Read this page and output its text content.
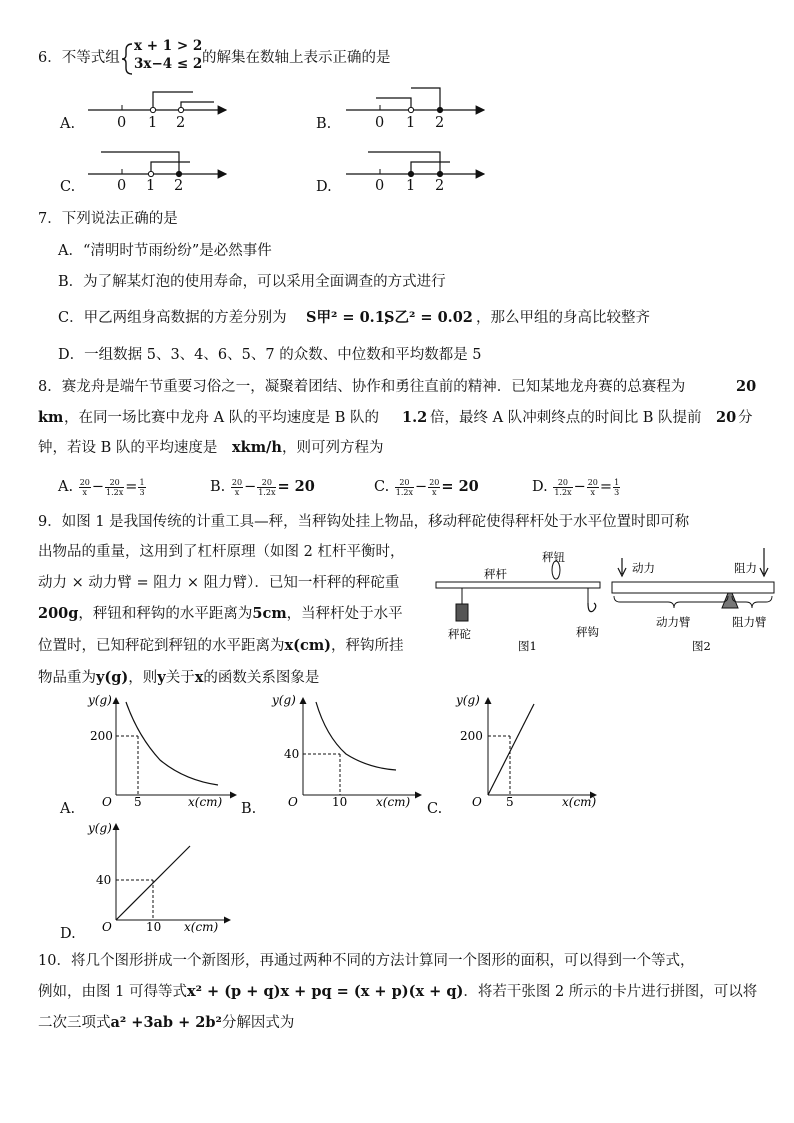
6．不等式组
x + 1 > 2
3x−4 ≤ 2 的解集在数轴上表示正确的是
A.	B.
C.	D.
0 1 2	0 1 2
0 1 2	0 1 2
7．下列说法正确的是
A．“清明时节雨纷纷”是必然事件
B．为了解某灯泡的使用寿命，可以采用全面调查的方式进行
C．甲乙两组身高数据的方差分别为 S甲² = 0.1,
S乙² = 0.02 ，那么甲组的身高比较整齐
D．一组数据 5、3、4、6、5、7 的众数、中位数和平均数都是 5
8．赛龙舟是端午节重要习俗之一，凝聚着团结、协作和勇往直前的精神．已知某地龙舟赛的总赛程为	20
km ，在同一场比赛中龙舟 A 队的平均速度是 B 队的 1.2 倍，最终 A 队冲刺终点的时间比 B 队提前 20 分
钟，若设 B 队的平均速度是 xkm/h ，则可列方程为
A. $\frac{20}{x} - \frac{20}{1.2x} = \frac{1}{3}$	B. $\frac{20}{x} - \frac{20}{1.2x} = 20$	C. $\frac{20}{1.2x} - \frac{20}{x} = 20$	D. $\frac{20}{1.2x} - \frac{20}{x} = \frac{1}{3}$
9．如图 1 是我国传统的计重工具—秤，当秤钩处挂上物品，移动秤砣使得秤杆处于水平位置时即可称
出物品的重量，这用到了杠杆原理（如图 2 杠杆平衡时，
动力 × 动力臂 = 阻力 × 阻力臂）．已知一杆秤的秤砣重
200g，秤钮和秤钩的水平距离为5cm，当秤杆处于水平
位置时，已知秤砣到秤钮的水平距离为x(cm)，秤钩所挂
物品重为y(g)，则y关于x的函数关系图象是
秤杆
秤钮
秤砣	秤钩
图1
动力	阻力
动力臂	阻力臂
图2
y(g)
200
5
O	x(cm)
y(g)
40
10
O	x(cm)
y(g)
200
5
O	x(cm)
y(g)
40
10
O	x(cm)
A.	B.	C.
D.
10．将几个图形拼成一个新图形，再通过两种不同的方法计算同一个图形的面积，可以得到一个等式，
例如，由图 1 可得等式x² + (p + q)x + pq = (x + p)(x + q)．将若干张图 2 所示的卡片进行拼图，可以将
二次三项式a² +3ab + 2b²分解因式为
